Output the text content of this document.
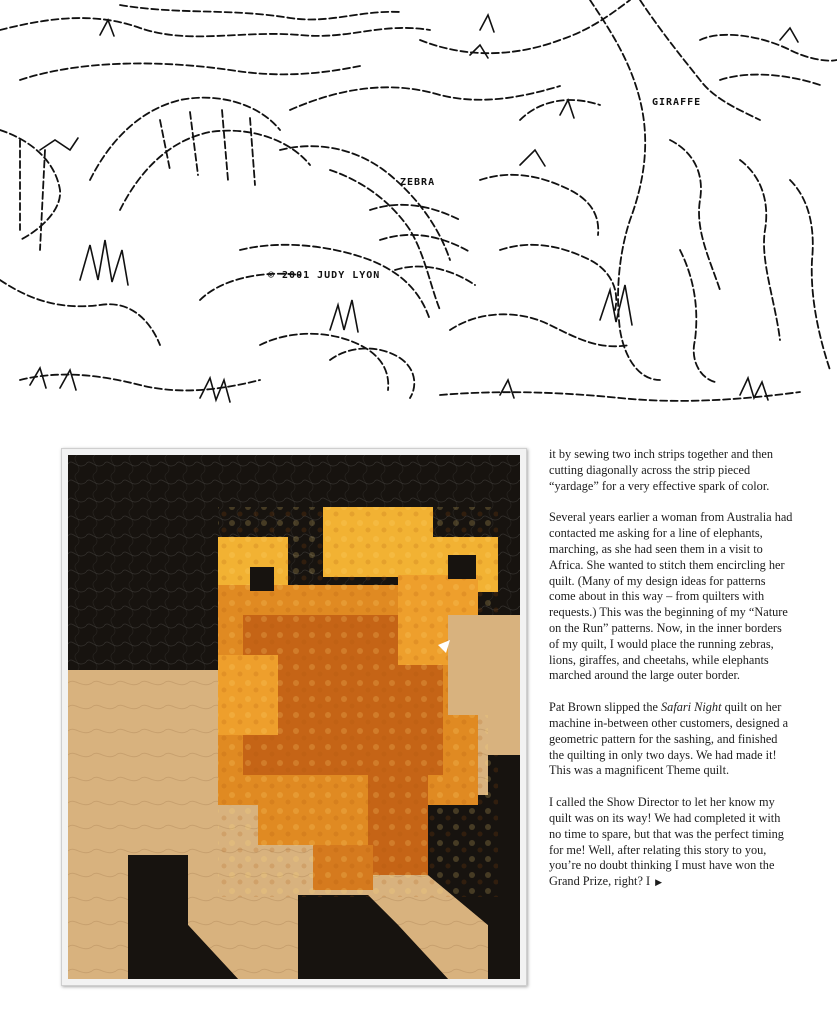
GIRAFFE
ZEBRA
© 2001 JUDY LYON

it by sewing two inch strips together and then cutting diagonally across the strip pieced “yardage” for a very effective spark of color.

Several years earlier a woman from Australia had contacted me asking for a line of elephants, marching, as she had seen them in a visit to Africa. She wanted to stitch them encircling her quilt. (Many of my design ideas for patterns come about in this way – from quilters with requests.) This was the beginning of my “Nature on the Run” patterns. Now, in the inner borders of my quilt, I would place the running zebras, lions, giraffes, and cheetahs, while elephants marched around the large outer border.

Pat Brown slipped the Safari Night quilt on her machine in-between other customers, designed a geometric pattern for the sashing, and finished the quilting in only two days. We had made it! This was a magnificent Theme quilt.

I called the Show Director to let her know my quilt was on its way! We had completed it with no time to spare, but that was the perfect timing for me! Well, after relating this story to you, you’re no doubt thinking I must have won the Grand Prize, right? I ▶
